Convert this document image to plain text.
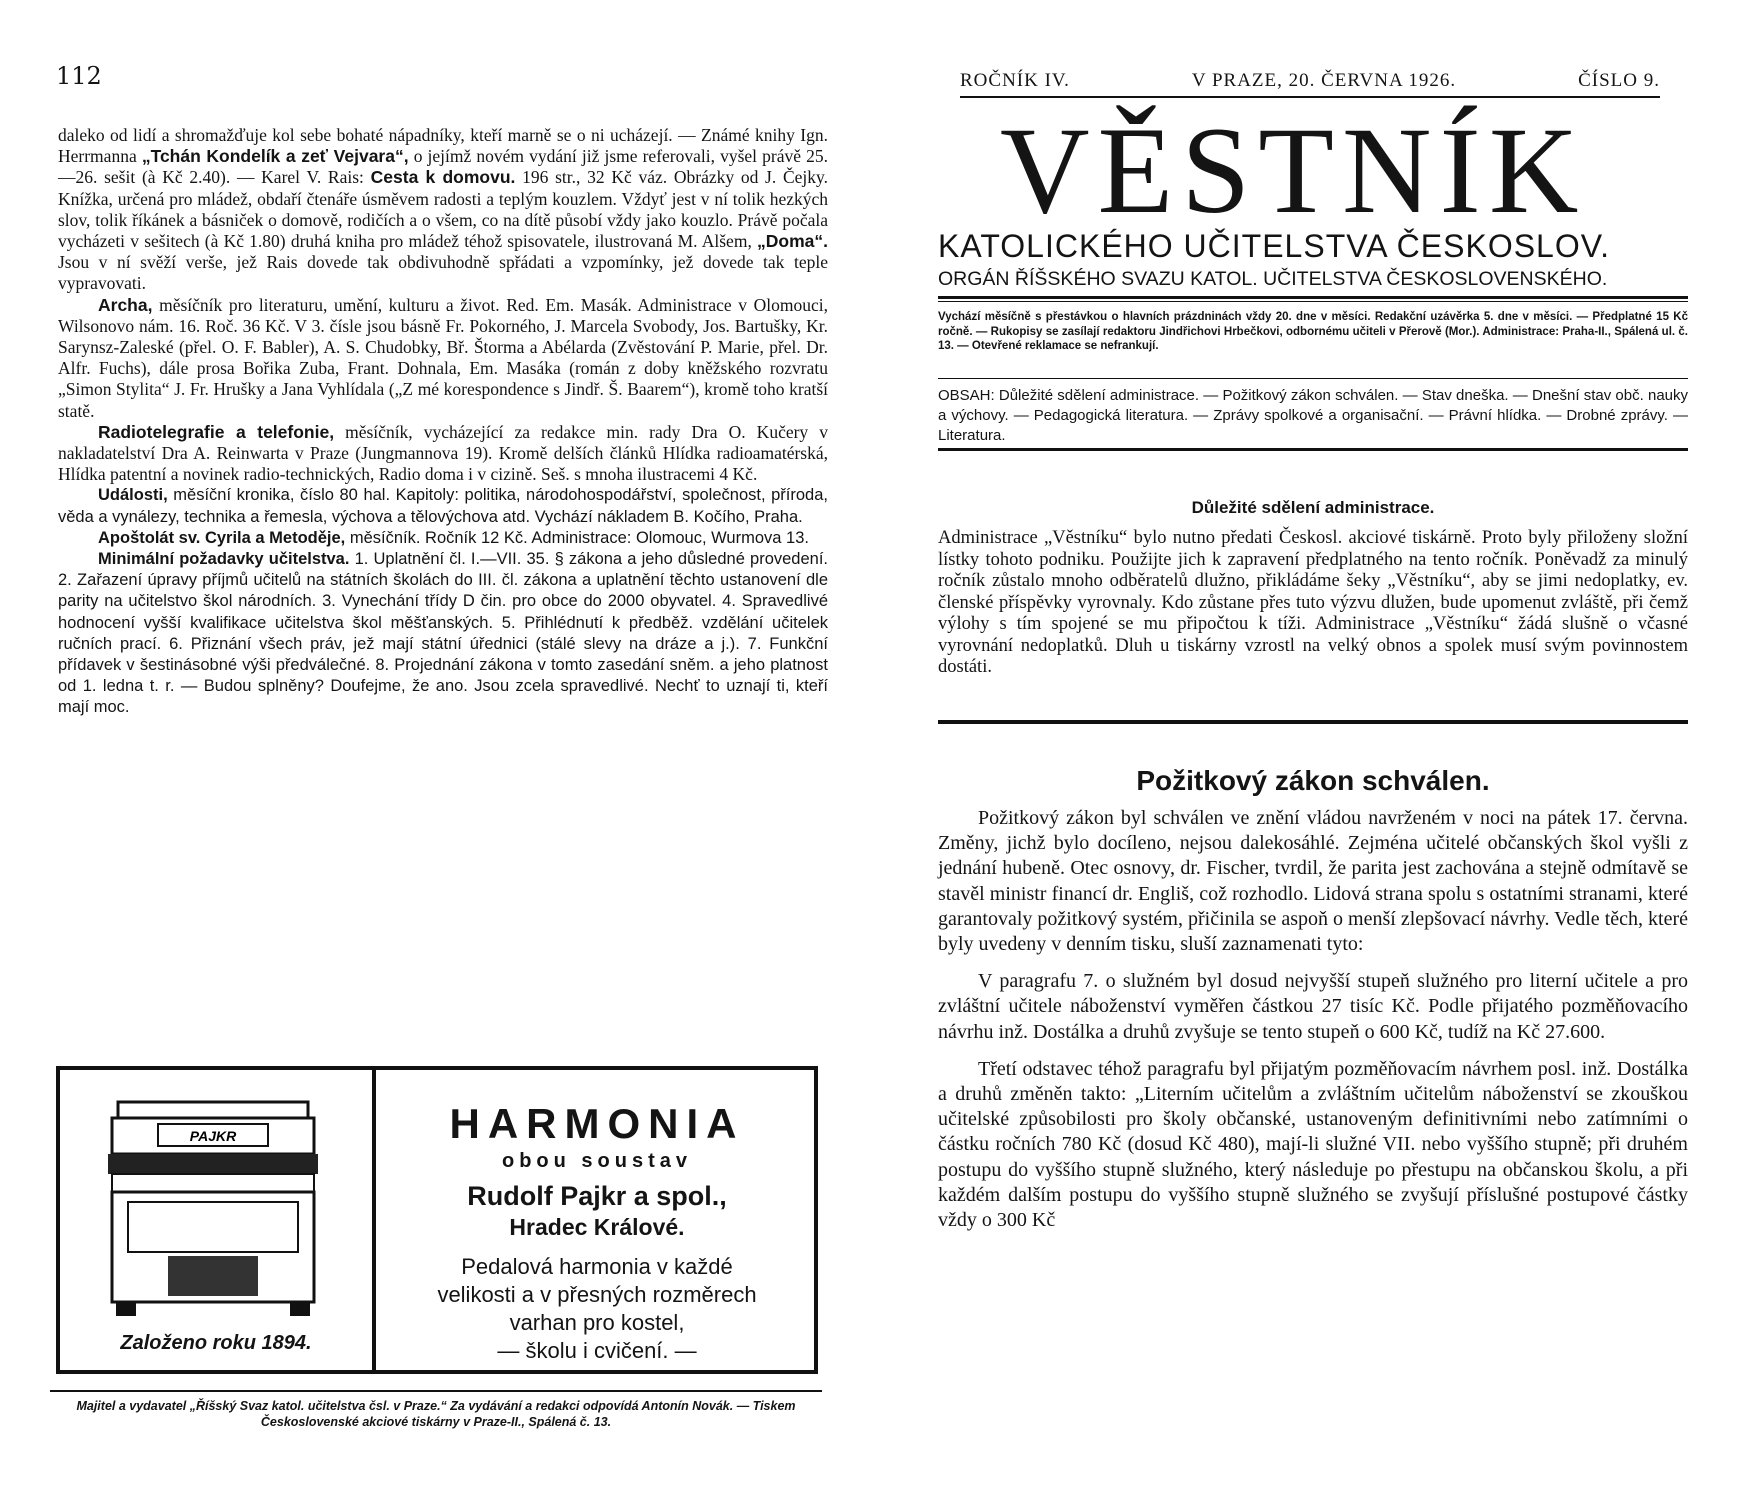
112

daleko od lidí a shromažďuje kol sebe bohaté nápadníky, kteří marně se o ni ucházejí. — Známé knihy Ign. Herrmanna „Tchán Kondelík a zeť Vejvara“, o jejímž novém vydání již jsme referovali, vyšel právě 25.—26. sešit (à Kč 2.40). — Karel V. Rais: Cesta k domovu. 196 str., 32 Kč váz. Obrázky od J. Čejky. Knížka, určená pro mládež, obdaří čtenáře úsměvem radosti a teplým kouzlem. Vždyť jest v ní tolik hezkých slov, tolik říkánek a básniček o domově, rodičích a o všem, co na dítě působí vždy jako kouzlo. Právě počala vycházeti v sešitech (à Kč 1.80) druhá kniha pro mládež téhož spisovatele, ilustrovaná M. Alšem, „Doma“. Jsou v ní svěží verše, jež Rais dovede tak obdivuhodně spřádati a vzpomínky, jež dovede tak teple vypravovati.

Archa, měsíčník pro literaturu, umění, kulturu a život. Red. Em. Masák. Administrace v Olomouci, Wilsonovo nám. 16. Roč. 36 Kč. V 3. čísle jsou básně Fr. Pokorného, J. Marcela Svobody, Jos. Bartušky, Kr. Sarynsz-Zaleské (přel. O. F. Babler), A. S. Chudobky, Bř. Štorma a Abélarda (Zvěstování P. Marie, přel. Dr. Alfr. Fuchs), dále prosa Bořika Zuba, Frant. Dohnala, Em. Masáka (román z doby kněžského rozvratu „Simon Stylita“ J. Fr. Hrušky a Jana Vyhlídala („Z mé korespondence s Jindř. Š. Baarem“), kromě toho kratší statě.

Radiotelegrafie a telefonie, měsíčník, vycházející za redakce min. rady Dra O. Kučery v nakladatelství Dra A. Reinwarta v Praze (Jungmannova 19). Kromě delších článků Hlídka radioamatérská, Hlídka patentní a novinek radio-technických, Radio doma i v cizině. Seš. s mnoha ilustracemi 4 Kč.

Události, měsíční kronika, číslo 80 hal. Kapitoly: politika, národohospodářství, společnost, příroda, věda a vynálezy, technika a řemesla, výchova a tělovýchova atd. Vychází nákladem B. Kočího, Praha.

Apoštolát sv. Cyrila a Metoděje, měsíčník. Ročník 12 Kč. Administrace: Olomouc, Wurmova 13.

Minimální požadavky učitelstva. 1. Uplatnění čl. I.—VII. 35. § zákona a jeho důsledné provedení. 2. Zařazení úpravy příjmů učitelů na státních školách do III. čl. zákona a uplatnění těchto ustanovení dle parity na učitelstvo škol národních. 3. Vynechání třídy D čin. pro obce do 2000 obyvatel. 4. Spravedlivé hodnocení vyšší kvalifikace učitelstva škol měšťanských. 5. Přihlédnutí k předběž. vzdělání učitelek ručních prací. 6. Přiznání všech práv, jež mají státní úřednici (stálé slevy na dráze a j.). 7. Funkční přídavek v šestinásobné výši předválečné. 8. Projednání zákona v tomto zasedání sněm. a jeho platnost od 1. ledna t. r. — Budou splněny? Doufejme, že ano. Jsou zcela spravedlivé. Nechť to uznají ti, kteří mají moc.

PAJKR
Založeno roku 1894.
HARMONIA
obou soustav
Rudolf Pajkr a spol.,
Hradec Králové.
Pedalová harmonia v každé velikosti a v přesných rozměrech varhan pro kostel,
— školu i cvičení. —
Majitel a vydavatel „Říšský Svaz katol. učitelstva čsl. v Praze.“ Za vydávání a redakci odpovídá Antonín Novák. — Tiskem Československé akciové tiskárny v Praze-II., Spálená č. 13.
ROČNÍK IV.	V PRAZE, 20. ČERVNA 1926.	ČÍSLO 9.
VĚSTNÍK
KATOLICKÉHO UČITELSTVA ČESKOSLOV.
ORGÁN ŘÍŠSKÉHO SVAZU KATOL. UČITELSTVA ČESKOSLOVENSKÉHO.
Vychází měsíčně s přestávkou o hlavních prázdninách vždy 20. dne v měsíci. Redakční uzávěrka 5. dne v měsíci. — Předplatné 15 Kč ročně. — Rukopisy se zasílají redaktoru Jindřichovi Hrbečkovi, odbornému učiteli v Přerově (Mor.). Administrace: Praha-II., Spálená ul. č. 13. — Otevřené reklamace se nefrankují.
OBSAH: Důležité sdělení administrace. — Požitkový zákon schválen. — Stav dneška. — Dnešní stav obč. nauky a výchovy. — Pedagogická literatura. — Zprávy spolkové a organisační. — Právní hlídka. — Drobné zprávy. — Literatura.
Důležité sdělení administrace.
Administrace „Věstníku“ bylo nutno předati Českosl. akciové tiskárně. Proto byly přiloženy složní lístky tohoto podniku. Použijte jich k zapravení předplatného na tento ročník. Poněvadž za minulý ročník zůstalo mnoho odběratelů dlužno, přikládáme šeky „Věstníku“, aby se jimi nedoplatky, ev. členské příspěvky vyrovnaly. Kdo zůstane přes tuto výzvu dlužen, bude upomenut zvláště, při čemž výlohy s tím spojené se mu připočtou k tíži. Administrace „Věstníku“ žádá slušně o včasné vyrovnání nedoplatků. Dluh u tiskárny vzrostl na velký obnos a spolek musí svým povinnostem dostáti.
Požitkový zákon schválen.

Požitkový zákon byl schválen ve znění vládou navrženém v noci na pátek 17. června. Změny, jichž bylo docíleno, nejsou dalekosáhlé. Zejména učitelé občanských škol vyšli z jednání hubeně. Otec osnovy, dr. Fischer, tvrdil, že parita jest zachována a stejně odmítavě se stavěl ministr financí dr. Engliš, což rozhodlo. Lidová strana spolu s ostatními stranami, které garantovaly požitkový systém, přičinila se aspoň o menší zlepšovací návrhy. Vedle těch, které byly uvedeny v denním tisku, sluší zaznamenati tyto:

V paragrafu 7. o služném byl dosud nejvyšší stupeň služného pro literní učitele a pro zvláštní učitele náboženství vyměřen částkou 27 tisíc Kč. Podle přijatého pozměňovacího návrhu inž. Dostálka a druhů zvyšuje se tento stupeň o 600 Kč, tudíž na Kč 27.600.

Třetí odstavec téhož paragrafu byl přijatým pozměňovacím návrhem posl. inž. Dostálka a druhů změněn takto: „Literním učitelům a zvláštním učitelům náboženství se zkouškou učitelské způsobilosti pro školy občanské, ustanoveným definitivními nebo zatímními o částku ročních 780 Kč (dosud Kč 480), mají-li služné VII. nebo vyššího stupně; při druhém postupu do vyššího stupně služného, který následuje po přestupu na občanskou školu, a při každém dalším postupu do vyššího stupně služného se zvyšují příslušné postupové částky vždy o 300 Kč
